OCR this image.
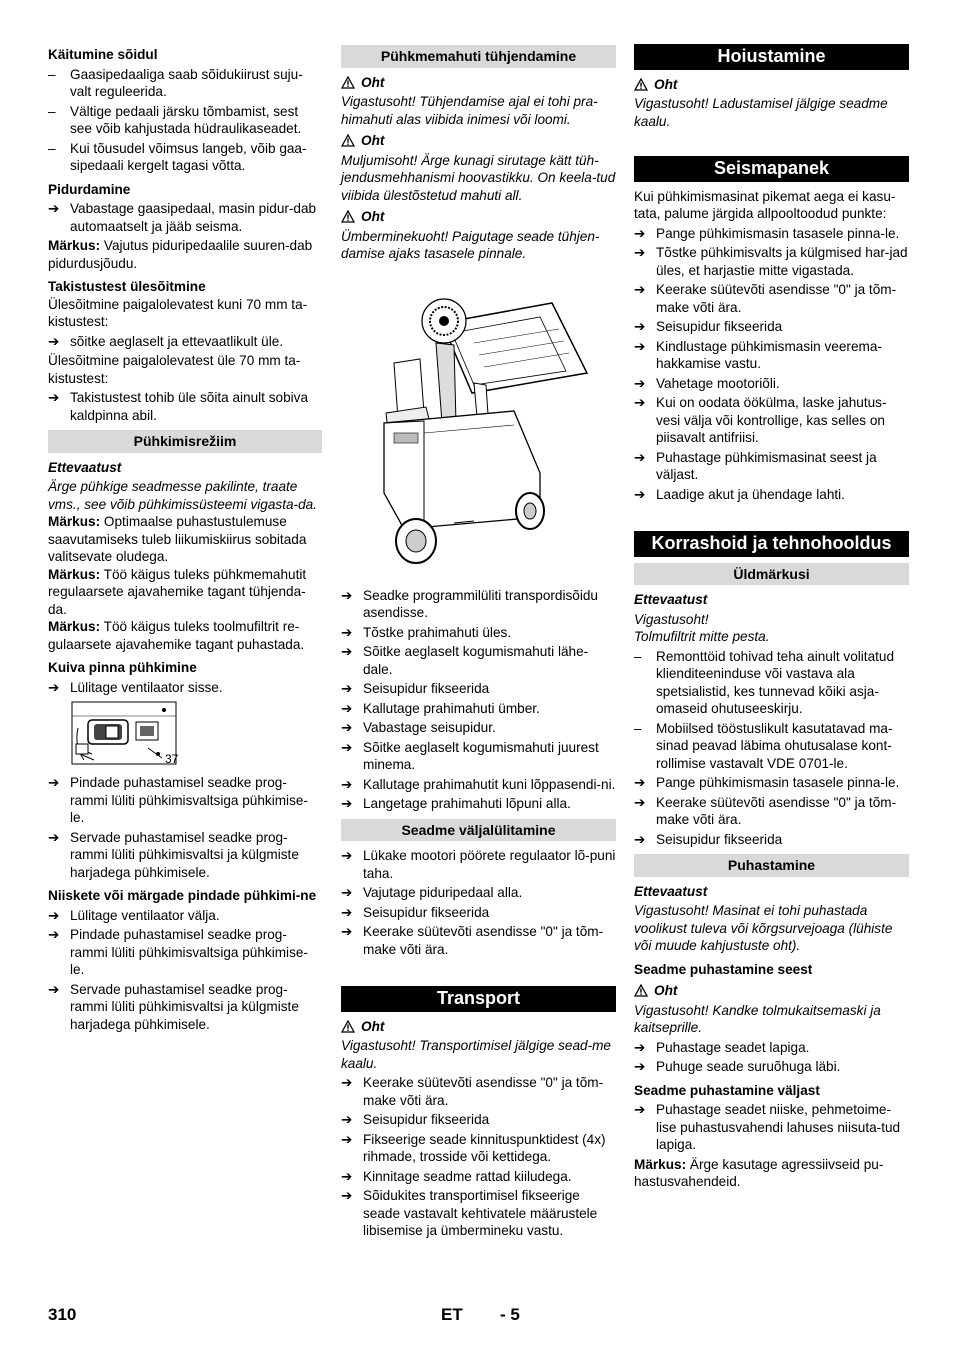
Käitumine sõidul

–	Gaasipedaaliga saab sõidukiirust suju-valt reguleerida.
–	Vältige pedaali järsku tõmbamist, sest see võib kahjustada hüdraulikaseadet.
–	Kui tõusudel võimsus langeb, võib gaa-sipedaali kergelt tagasi võtta.

Pidurdamine

➔ Vabastage gaasipedaal, masin pidur-dab automaatselt ja jääb seisma.

Märkus: Vajutus piduripedaalile suuren-dab pidurdusjõudu.

Takistustest ülesõitmine

Ülesõitmine paigalolevatest kuni 70 mm ta-kistustest:

➔ sõitke aeglaselt ja ettevaatlikult üle.

Ülesõitmine paigalolevatest üle 70 mm ta-kistustest:

➔ Takistustest tohib üle sõita ainult sobiva kaldpinna abil.
Pühkimisrežiim

Ettevaatust

Ärge pühkige seadmesse pakilinte, traate vms., see võib pühkimissüsteemi vigasta-da.

Märkus: Optimaalse puhastustulemuse saavutamiseks tuleb liikumiskiirus sobitada valitsevate oludega.

Märkus: Töö käigus tuleks pühkmemahutit regulaarsete ajavahemike tagant tühjenda-da.

Märkus: Töö käigus tuleks toolmufiltrit re-gulaarsete ajavahemike tagant puhastada.

Kuiva pinna pühkimine

➔ Lülitage ventilaator sisse.
37
➔ Pindade puhastamisel seadke prog-rammi lüliti pühkimisvaltsiga pühkimise-le.
➔ Servade puhastamisel seadke prog-rammi lüliti pühkimisvaltsi ja külgmiste harjadega pühkimisele.

Niiskete või märgade pindade pühkimi-ne

➔ Lülitage ventilaator välja.
➔ Pindade puhastamisel seadke prog-rammi lüliti pühkimisvaltsiga pühkimise-le.
➔ Servade puhastamisel seadke prog-rammi lüliti pühkimisvaltsi ja külgmiste harjadega pühkimisele.
Pühkmemahuti tühjendamine

Oht

Vigastusoht! Tühjendamise ajal ei tohi pra-himahuti alas viibida inimesi või loomi.

Oht

Muljumisoht! Ärge kunagi sirutage kätt tüh-jendusmehhanismi hoovastikku. On keela-tud viibida ülestõstetud mahuti all.

Oht

Ümberminekuoht! Paigutage seade tühjen-damise ajaks tasasele pinnale.

➔ Seadke programmilüliti transpordisõidu asendisse.
➔ Tõstke prahimahuti üles.
➔ Sõitke aeglaselt kogumismahuti lähe-dale.
➔ Seisupidur fikseerida
➔ Kallutage prahimahuti ümber.
➔ Vabastage seisupidur.
➔ Sõitke aeglaselt kogumismahuti juurest minema.
➔ Kallutage prahimahutit kuni lõppasendi-ni.
➔ Langetage prahimahuti lõpuni alla.
Seadme väljalülitamine
➔ Lükake mootori pöörete regulaator lõ-puni taha.
➔ Vajutage piduripedaal alla.
➔ Seisupidur fikseerida
➔ Keerake süütevõti asendisse "0" ja tõm-make võti ära.
Transport

Oht

Vigastusoht! Transportimisel jälgige sead-me kaalu.

➔ Keerake süütevõti asendisse "0" ja tõm-make võti ära.
➔ Seisupidur fikseerida
➔ Fikseerige seade kinnituspunktidest (4x) rihmade, trosside või kettidega.
➔ Kinnitage seadme rattad kiiludega.
➔ Sõidukites transportimisel fikseerige seade vastavalt kehtivatele määrustele libisemise ja ümbermineku vastu.
Hoiustamine

Oht

Vigastusoht! Ladustamisel jälgige seadme kaalu.

Seismapanek

Kui pühkimismasinat pikemat aega ei kasu-tata, palume järgida allpooltoodud punkte:

➔ Pange pühkimismasin tasasele pinna-le.
➔ Tõstke pühkimisvalts ja külgmised har-jad üles, et harjastiе mitte vigastada.
➔ Keerake süütevõti asendisse "0" ja tõm-make võti ära.
➔ Seisupidur fikseerida
➔ Kindlustage pühkimismasin veerema-hakkamise vastu.
➔ Vahetage mootoriõli.
➔ Kui on oodata öökülma, laske jahutus-vesi välja või kontrollige, kas selles on piisavalt antifriisi.
➔ Puhastage pühkimismasinat seest ja väljast.
➔ Laadige akut ja ühendage lahti.
Korrashoid ja tehnohooldus
Üldmärkusi

Ettevaatust

Vigastusoht!

Tolmufiltrit mitte pesta.

–	Remonttöid tohivad teha ainult volitatud klienditeeninduse või vastava ala spetsialistid, kes tunnevad kõiki asja-omaseid ohutuseeskirju.
–	Mobiilsed tööstuslikult kasutatavad ma-sinad peavad läbima ohutusalase kont-rollimise vastavalt VDE 0701-le.
➔ Pange pühkimismasin tasasele pinna-le.
➔ Keerake süütevõti asendisse "0" ja tõm-make võti ära.
➔ Seisupidur fikseerida
Puhastamine

Ettevaatust

Vigastusoht! Masinat ei tohi puhastada voolikust tuleva või kõrgsurvejoaga (lühiste või muude kahjustuste oht).

Seadme puhastamine seest

Oht

Vigastusoht! Kandke tolmukaitsemaski ja kaitseprille.

➔ Puhastage seadet lapiga.
➔ Puhuge seade suruõhuga läbi.

Seadme puhastamine väljast

➔ Puhastage seadet niiske, pehmetoime-lise puhastusvahendi lahuses niisuta-tud lapiga.

Märkus: Ärge kasutage agressiivseid pu-hastusvahendeid.

310	ET - 5
